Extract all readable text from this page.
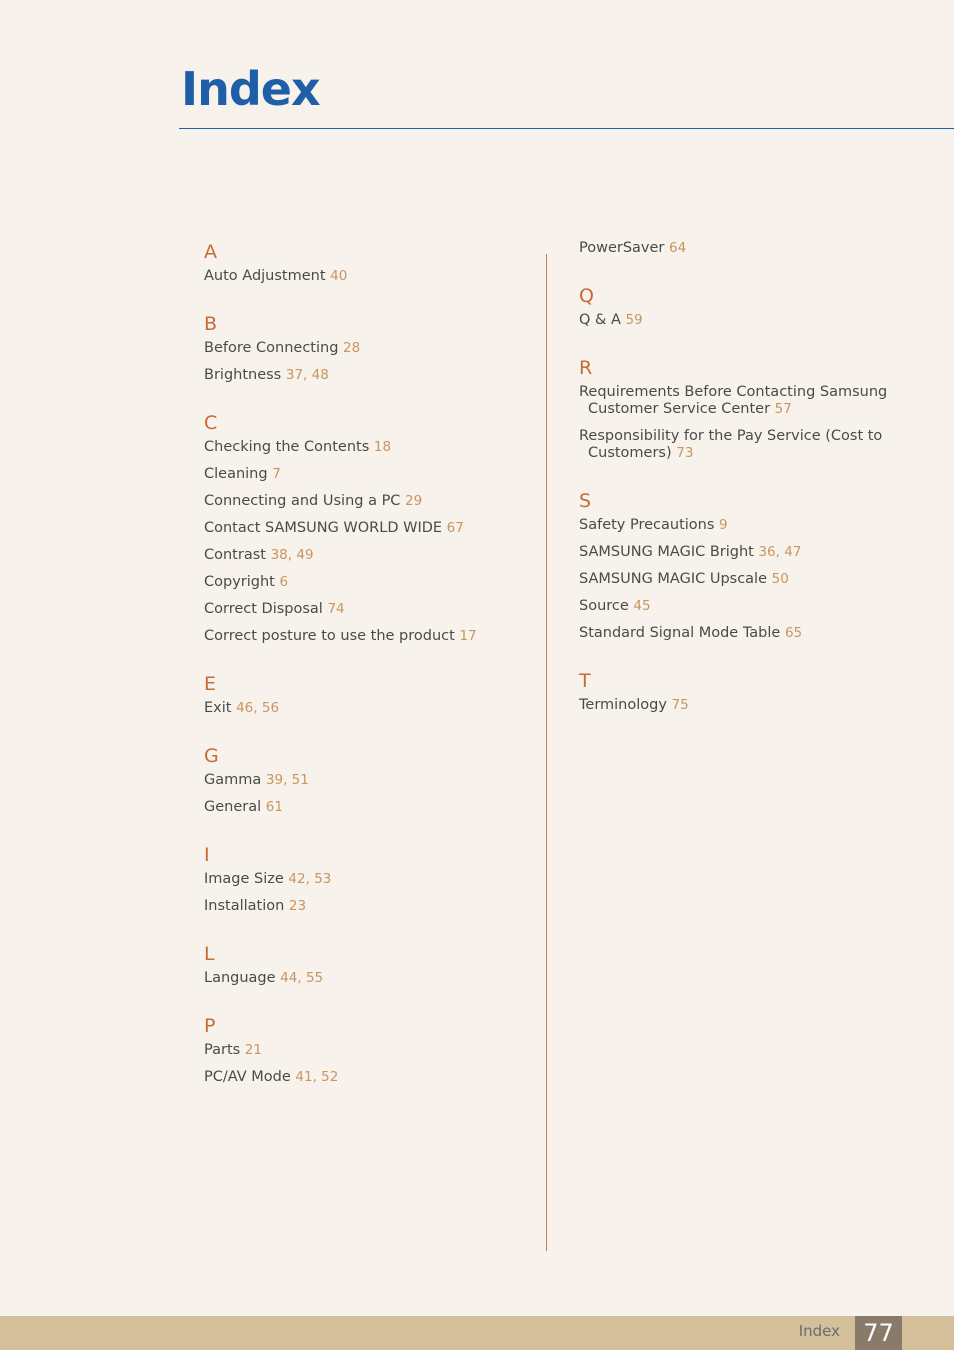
Index
A
Auto Adjustment 40
B
Before Connecting 28
Brightness 37, 48
C
Checking the Contents 18
Cleaning 7
Connecting and Using a PC 29
Contact SAMSUNG WORLD WIDE 67
Contrast 38, 49
Copyright 6
Correct Disposal 74
Correct posture to use the product 17
E
Exit 46, 56
G
Gamma 39, 51
General 61
I
Image Size 42, 53
Installation 23
L
Language 44, 55
P
Parts 21
PC/AV Mode 41, 52
PowerSaver 64
Q
Q & A 59
R
Requirements Before Contacting Samsung Customer Service Center 57
Responsibility for the Pay Service (Cost to Customers) 73
S
Safety Precautions 9
SAMSUNG MAGIC Bright 36, 47
SAMSUNG MAGIC Upscale 50
Source 45
Standard Signal Mode Table 65
T
Terminology 75
Index 77
